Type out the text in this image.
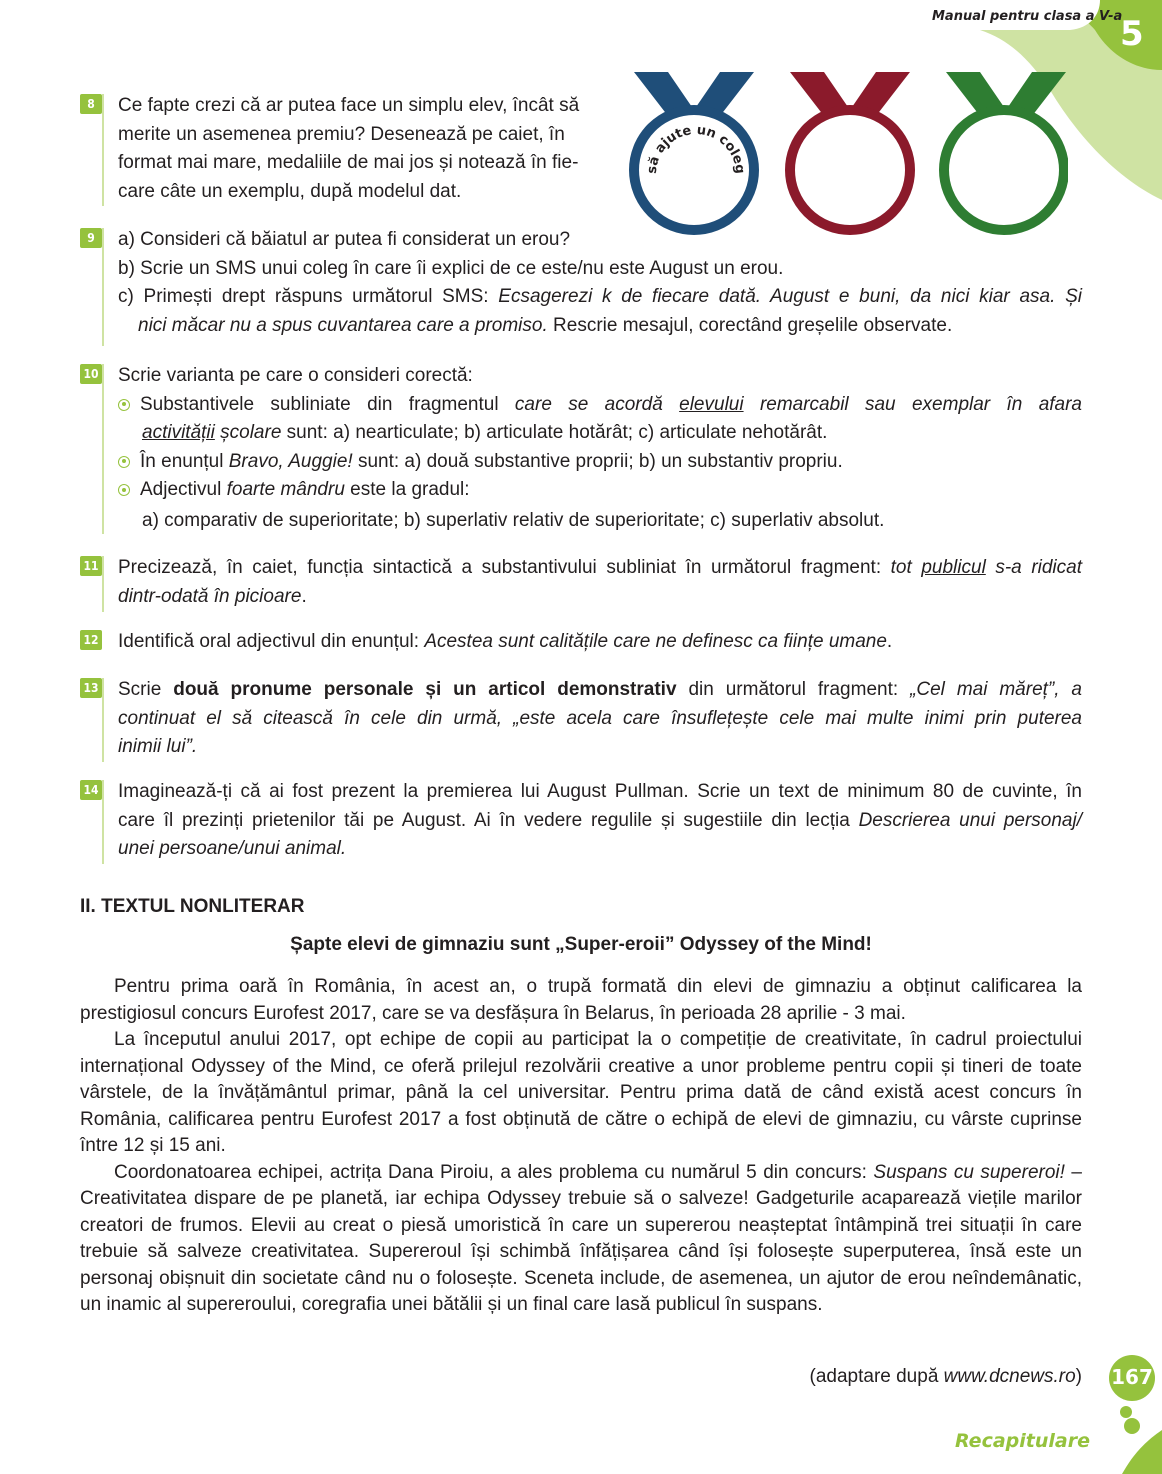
Manual pentru clasa a V-a
5
să ajute un coleg
8	Ce fapte crezi că ar putea face un simplu elev, încât să
merite un asemenea premiu? Desenează pe caiet, în
format mai mare, medaliile de mai jos și notează în fie-
care câte un exemplu, după modelul dat.
9	a) Consideri că băiatul ar putea fi considerat un erou?
b) Scrie un SMS unui coleg în care îi explici de ce este/nu este August un erou.
c) Primești drept răspuns următorul SMS: Ecsagerezi k de fiecare dată. August e buni, da nici kiar asa. Și
nici măcar nu a spus cuvantarea care a promiso. Rescrie mesajul, corectând greșelile observate.
10 Scrie varianta pe care o consideri corectă:
Substantivele subliniate din fragmentul care se acordă elevului remarcabil sau exemplar în afara
activității școlare sunt: a) nearticulate; b) articulate hotărât; c) articulate nehotărât.
În enunțul Bravo, Auggie! sunt: a) două substantive proprii; b) un substantiv propriu.
Adjectivul foarte mândru este la gradul:
a) comparativ de superioritate; b) superlativ relativ de superioritate; c) superlativ absolut.
11 Precizează, în caiet, funcția sintactică a substantivului subliniat în următorul fragment: tot publicul s-a ridicat
dintr-odată în picioare.
12 Identifică oral adjectivul din enunțul: Acestea sunt calitățile care ne definesc ca ființe umane.
13 Scrie două pronume personale și un articol demonstrativ din următorul fragment: „Cel mai măreț”, a
continuat el să citească în cele din urmă, „este acela care însuflețește cele mai multe inimi prin puterea
inimii lui”.
14 Imaginează-ți că ai fost prezent la premierea lui August Pullman. Scrie un text de minimum 80 de cuvinte, în
care îl prezinți prietenilor tăi pe August. Ai în vedere regulile și sugestiile din lecția Descrierea unui personaj/
unei persoane/unui animal.
II. TEXTUL NONLITERAR
Șapte elevi de gimnaziu sunt „Super-eroii” Odyssey of the Mind!

Pentru prima oară în România, în acest an, o trupă formată din elevi de gimnaziu a obținut calificarea la prestigiosul concurs Eurofest 2017, care se va desfășura în Belarus, în perioada 28 aprilie - 3 mai.

La începutul anului 2017, opt echipe de copii au participat la o competiție de creativitate, în cadrul proiectului internațional Odyssey of the Mind, ce oferă prilejul rezolvării creative a unor probleme pentru copii și tineri de toate vârstele, de la învățământul primar, până la cel universitar. Pentru prima dată de când există acest concurs în România, calificarea pentru Eurofest 2017 a fost obținută de către o echipă de elevi de gimnaziu, cu vârste cuprinse între 12 și 15 ani.

Coordonatoarea echipei, actrița Dana Piroiu, a ales problema cu numărul 5 din concurs: Suspans cu supereroi! – Creativitatea dispare de pe planetă, iar echipa Odyssey trebuie să o salveze! Gadgeturile acaparează viețile marilor creatori de frumos. Elevii au creat o piesă umoristică în care un supererou neașteptat întâmpină trei situații în care trebuie să salveze creativitatea. Supereroul își schimbă înfățișarea când își folosește superputerea, însă este un personaj obișnuit din societate când nu o folosește. Sceneta include, de asemenea, un ajutor de erou neîndemânatic, un inamic al supereroului, coregrafia unei bătălii și un final care lasă publicul în suspans.

(adaptare după www.dcnews.ro) 167
Recapitulare
